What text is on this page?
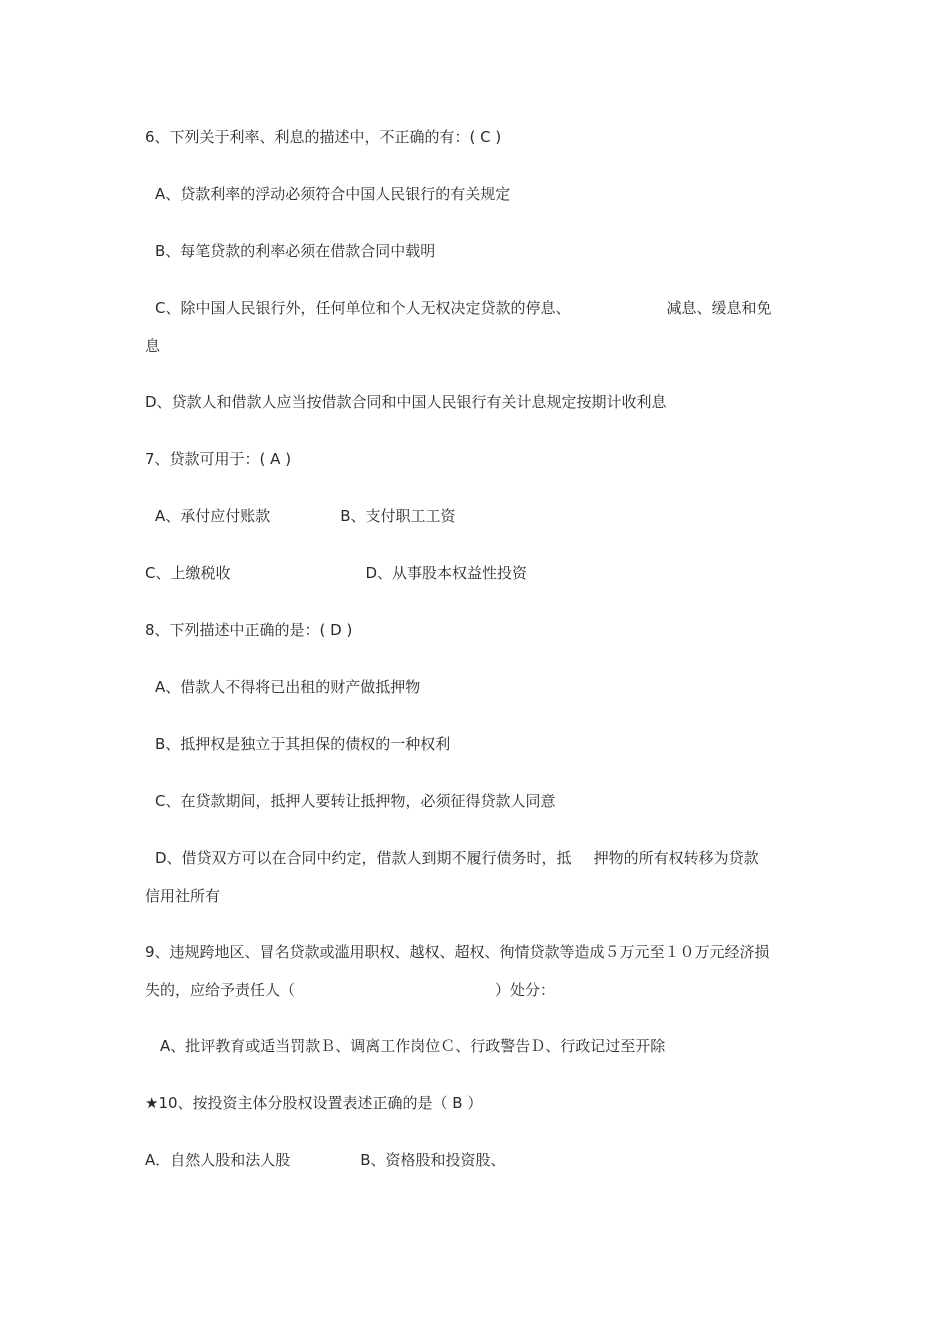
6、下列关于利率、利息的描述中，不正确的有：( C )
A、贷款利率的浮动必须符合中国人民银行的有关规定
B、每笔贷款的利率必须在借款合同中载明
C、除中国人民银行外，任何单位和个人无权决定贷款的停息、	减息、缓息和免
息
D、贷款人和借款人应当按借款合同和中国人民银行有关计息规定按期计收利息
7、贷款可用于：( A )
A、承付应付账款	B、支付职工工资
C、上缴税收	D、从事股本权益性投资
8、下列描述中正确的是：( D )
A、借款人不得将已出租的财产做抵押物
B、抵押权是独立于其担保的债权的一种权利
C、在贷款期间，抵押人要转让抵押物，必须征得贷款人同意
D、借贷双方可以在合同中约定，借款人到期不履行债务时，抵 押物的所有权转移为贷款
信用社所有
9、违规跨地区、冒名贷款或滥用职权、越权、超权、徇情贷款等造成５万元至１０万元经济损
失的，应给予责任人（	）处分：
A、批评教育或适当罚款Ｂ、调离工作岗位Ｃ、行政警告Ｄ、行政记过至开除
★10、按投资主体分股权设置表述正确的是（ B ）
A．自然人股和法人股	B、资格股和投资股、
